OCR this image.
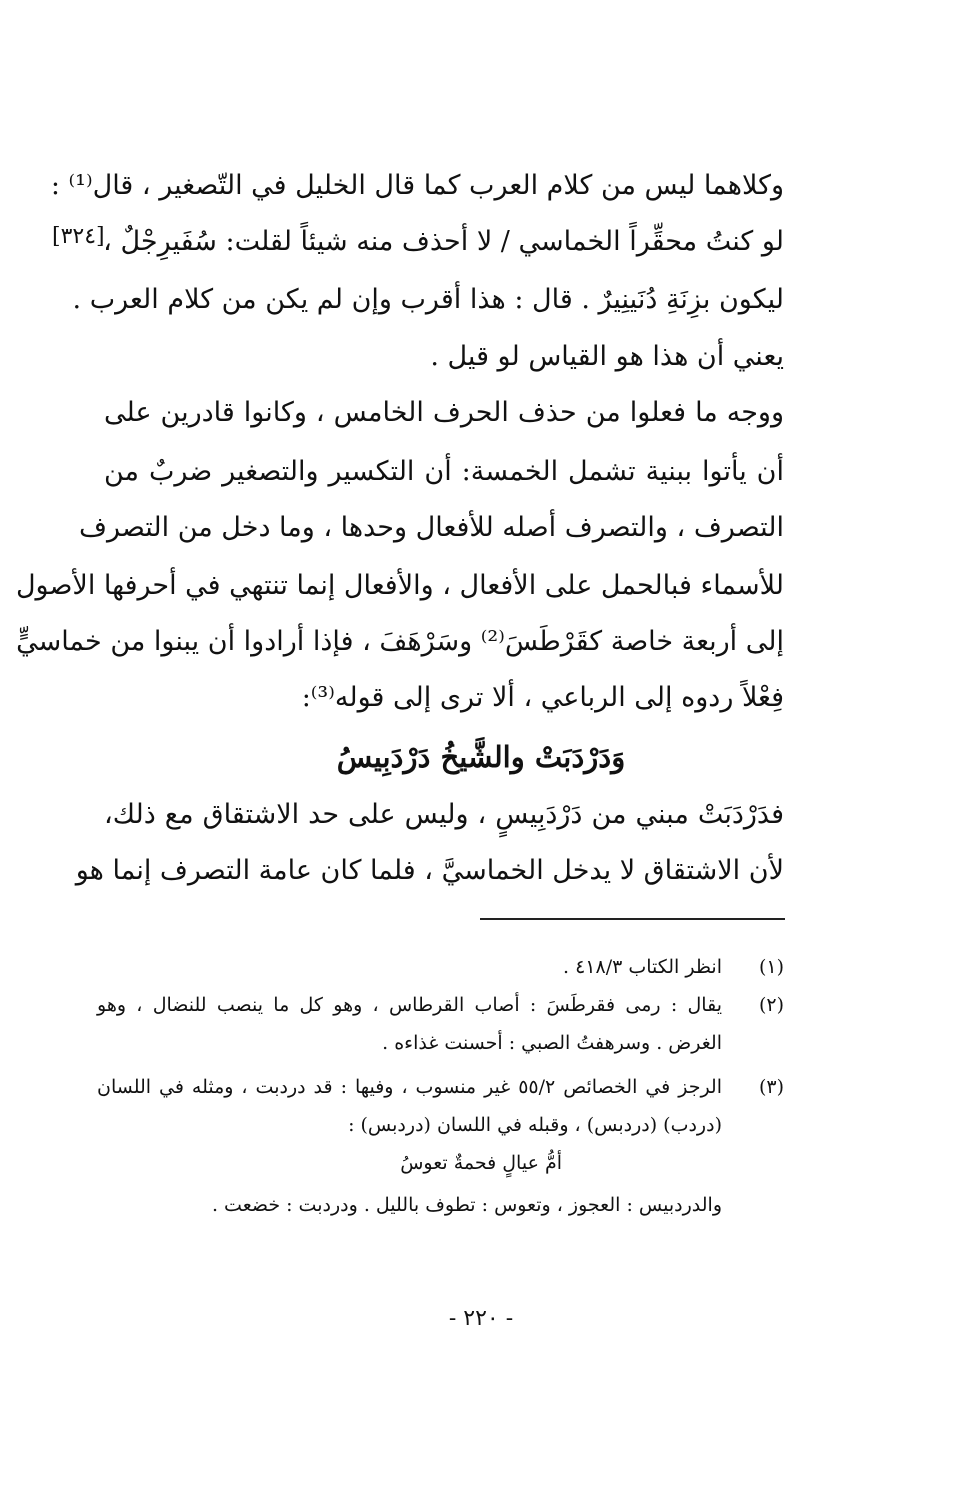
[٣٢٤]
وكلاهما ليس من كلام العرب كما قال الخليل في التّصغير ، قال⁽¹⁾ :
لو كنتُ محقِّراً الخماسي / لا أحذف منه شيئاً لقلت: سُفَيرِجْلٌ ،
ليكون بزِنَةِ دُنَينِيرٌ . قال : هذا أقرب وإن لم يكن من كلام العرب .
يعني أن هذا هو القياس لو قيل .
ووجه ما فعلوا من حذف الحرف الخامس ، وكانوا قادرين على
أن يأتوا ببنية تشمل الخمسة: أن التكسير والتصغير ضربٌ من
التصرف ، والتصرف أصله للأفعال وحدها ، وما دخل من التصرف
للأسماء فبالحمل على الأفعال ، والأفعال إنما تنتهي في أحرفها الأصول
إلى أربعة خاصة كقَرْطَسَ⁽²⁾ وسَرْهَفَ ، فإذا أرادوا أن يبنوا من خماسيٍّ
فِعْلاً ردوه إلى الرباعي ، ألا ترى إلى قوله⁽³⁾:
وَدَرْدَبَتْ والشَّيخُ دَرْدَبِيسُ
فدَرْدَبَتْ مبني من دَرْدَبِيسٍ ، وليس على حد الاشتقاق مع ذلك،
لأن الاشتقاق لا يدخل الخماسيَّ ، فلما كان عامة التصرف إنما هو
(١)
انظر الكتاب ٤١٨/٣ .
(٢)
يقال : رمى فقرطَسَ : أصاب القرطاس ، وهو كل ما ينصب للنضال ، وهو
الغرض . وسرهفتُ الصبي : أحسنت غذاءه .
(٣)
الرجز في الخصائص ٥٥/٢ غير منسوب ، وفيها : قد دردبت ، ومثله في اللسان
(دردب) (دردبس) ، وقبله في اللسان (دردبس) :
أمُّ عيالٍ فحمةٌ تعوسُ
والدردبيس : العجوز ، وتعوس : تطوف بالليل . ودردبت : خضعت .
- ٢٢٠ -
